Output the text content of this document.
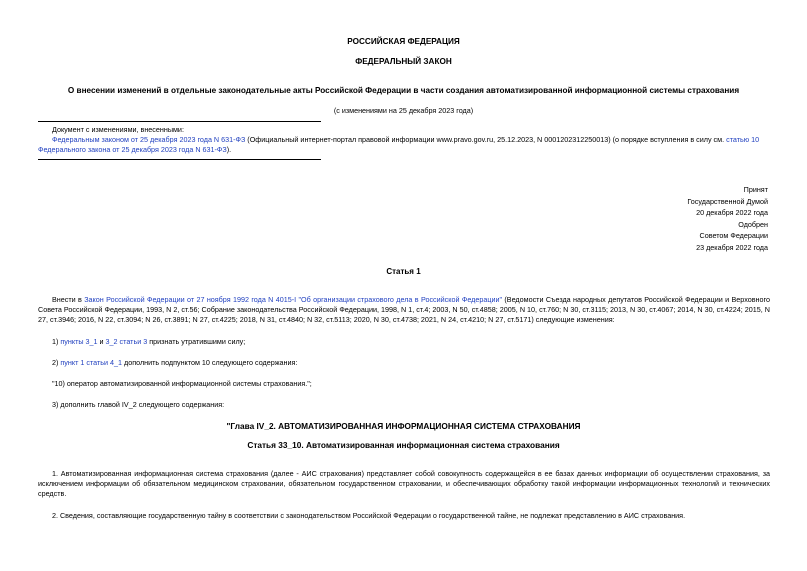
РОССИЙСКАЯ ФЕДЕРАЦИЯ
ФЕДЕРАЛЬНЫЙ ЗАКОН
О внесении изменений в отдельные законодательные акты Российской Федерации в части создания автоматизированной информационной системы страхования
(с изменениями на 25 декабря 2023 года)
Документ с изменениями, внесенными:
Федеральным законом от 25 декабря 2023 года N 631-ФЗ (Официальный интернет-портал правовой информации www.pravo.gov.ru, 25.12.2023, N 0001202312250013) (о порядке вступления в силу см. статью 10 Федерального закона от 25 декабря 2023 года N 631-ФЗ).
Принят
Государственной Думой
20 декабря 2022 года
Одобрен
Советом Федерации
23 декабря 2022 года
Статья 1
Внести в Закон Российской Федерации от 27 ноября 1992 года N 4015-I "Об организации страхового дела в Российской Федерации" (Ведомости Съезда народных депутатов Российской Федерации и Верховного Совета Российской Федерации, 1993, N 2, ст.56; Собрание законодательства Российской Федерации, 1998, N 1, ст.4; 2003, N 50, ст.4858; 2005, N 10, ст.760; N 30, ст.3115; 2013, N 30, ст.4067; 2014, N 30, ст.4224; 2015, N 27, ст.3946; 2016, N 22, ст.3094; N 26, ст.3891; N 27, ст.4225; 2018, N 31, ст.4840; N 32, ст.5113; 2020, N 30, ст.4738; 2021, N 24, ст.4210; N 27, ст.5171) следующие изменения:
1) пункты 3_1 и 3_2 статьи 3 признать утратившими силу;
2) пункт 1 статьи 4_1 дополнить подпунктом 10 следующего содержания:
"10) оператор автоматизированной информационной системы страхования.";
3) дополнить главой IV_2 следующего содержания:
"Глава IV_2. АВТОМАТИЗИРОВАННАЯ ИНФОРМАЦИОННАЯ СИСТЕМА СТРАХОВАНИЯ
Статья 33_10. Автоматизированная информационная система страхования
1. Автоматизированная информационная система страхования (далее - АИС страхования) представляет собой совокупность содержащейся в ее базах данных информации об осуществлении страхования, за исключением информации об обязательном медицинском страховании, обязательном государственном страховании, и обеспечивающих обработку такой информации информационных технологий и технических средств.
2. Сведения, составляющие государственную тайну в соответствии с законодательством Российской Федерации о государственной тайне, не подлежат представлению в АИС страхования.
